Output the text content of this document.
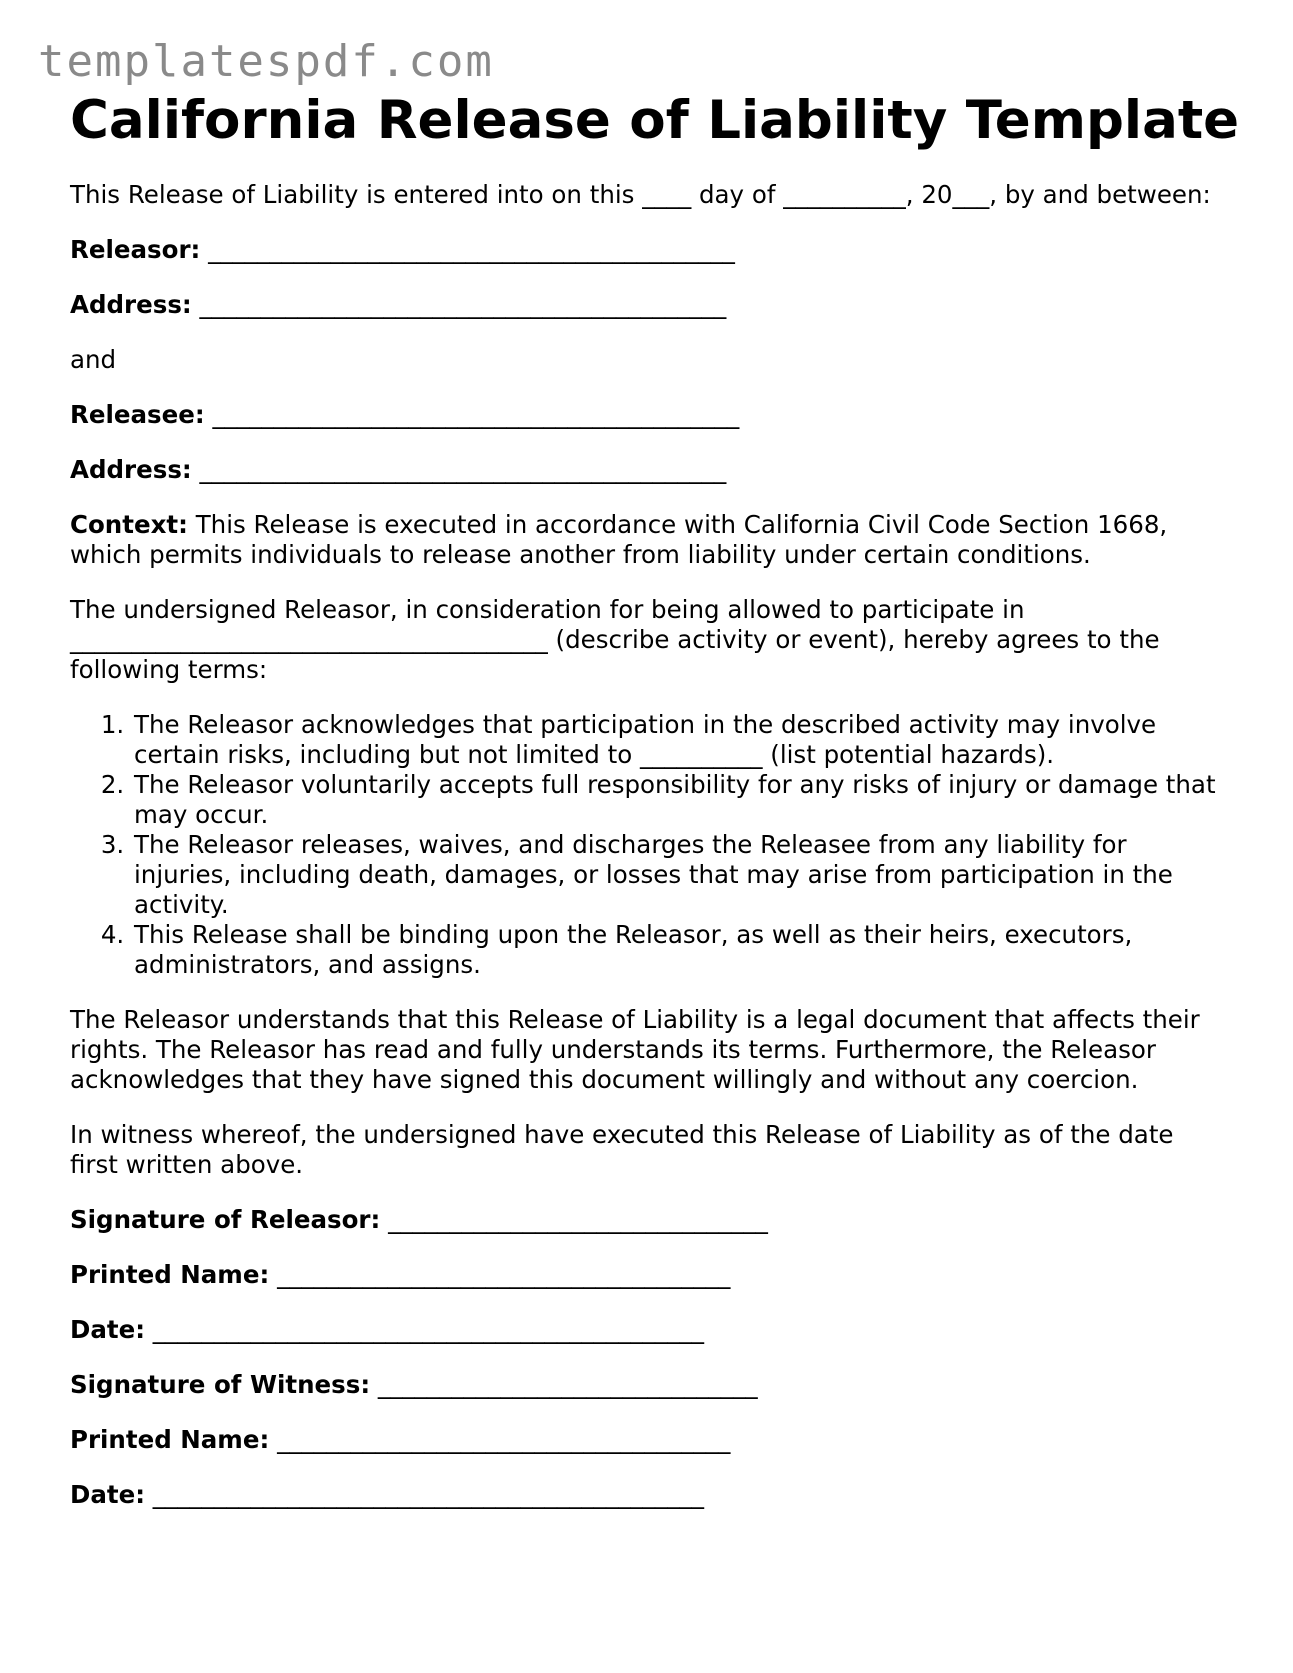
templatespdf.com
California Release of Liability Template

This Release of Liability is entered into on this ____ day of __________, 20___, by and between:

Releasor: ___________________________________________

Address: ___________________________________________

and

Releasee: ___________________________________________

Address: ___________________________________________

Context: This Release is executed in accordance with California Civil Code Section 1668, which permits individuals to release another from liability under certain conditions.

The undersigned Releasor, in consideration for being allowed to participate in _______________________________________ (describe activity or event), hereby agrees to the following terms:

1. The Releasor acknowledges that participation in the described activity may involve certain risks, including but not limited to __________ (list potential hazards).
2. The Releasor voluntarily accepts full responsibility for any risks of injury or damage that may occur.
3. The Releasor releases, waives, and discharges the Releasee from any liability for injuries, including death, damages, or losses that may arise from participation in the activity.
4. This Release shall be binding upon the Releasor, as well as their heirs, executors, administrators, and assigns.

The Releasor understands that this Release of Liability is a legal document that affects their rights. The Releasor has read and fully understands its terms. Furthermore, the Releasor acknowledges that they have signed this document willingly and without any coercion.

In witness whereof, the undersigned have executed this Release of Liability as of the date first written above.

Signature of Releasor: _______________________________

Printed Name: _____________________________________

Date: _____________________________________________

Signature of Witness: _______________________________

Printed Name: _____________________________________

Date: _____________________________________________
